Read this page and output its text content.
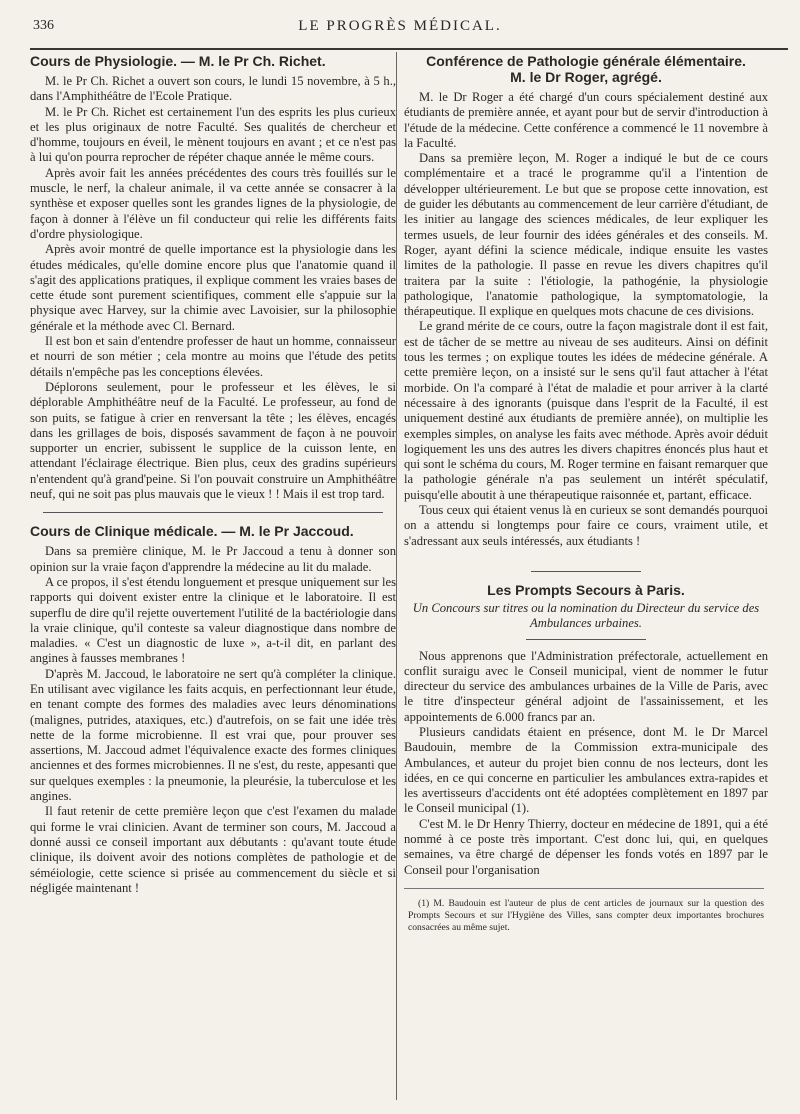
336	LE PROGRÈS MÉDICAL.
Cours de Physiologie. — M. le Pr Ch. Richet.

M. le Pr Ch. Richet a ouvert son cours, le lundi 15 novembre, à 5 h., dans l'Amphithéâtre de l'Ecole Pratique.

M. le Pr Ch. Richet est certainement l'un des esprits les plus curieux et les plus originaux de notre Faculté. Ses qualités de chercheur et d'homme, toujours en éveil, le mènent toujours en avant ; et ce n'est pas à lui qu'on pourra reprocher de répéter chaque année le même cours.

Après avoir fait les années précédentes des cours très fouillés sur le muscle, le nerf, la chaleur animale, il va cette année se consacrer à la synthèse et exposer quelles sont les grandes lignes de la physiologie, de façon à donner à l'élève un fil conducteur qui relie les différents faits d'ordre physiologique.

Après avoir montré de quelle importance est la physiologie dans les études médicales, qu'elle domine encore plus que l'anatomie quand il s'agit des applications pratiques, il explique comment les vraies bases de cette étude sont purement scientifiques, comment elle s'appuie sur la physique avec Harvey, sur la chimie avec Lavoisier, sur la philosophie générale et la méthode avec Cl. Bernard.

Il est bon et sain d'entendre professer de haut un homme, connaisseur et nourri de son métier ; cela montre au moins que l'étude des petits détails n'empêche pas les conceptions élevées.

Déplorons seulement, pour le professeur et les élèves, le si déplorable Amphithéâtre neuf de la Faculté. Le professeur, au fond de son puits, se fatigue à crier en renversant la tête ; les élèves, encagés dans les grillages de bois, disposés savamment de façon à ne pouvoir supporter un encrier, subissent le supplice de la cuisson lente, en attendant l'éclairage électrique. Bien plus, ceux des gradins supérieurs n'entendent qu'à grand'peine. Si l'on pouvait construire un Amphithéâtre neuf, qui ne soit pas plus mauvais que le vieux ! ! Mais il est trop tard.

Cours de Clinique médicale. — M. le Pr Jaccoud.

Dans sa première clinique, M. le Pr Jaccoud a tenu à donner son opinion sur la vraie façon d'apprendre la médecine au lit du malade.

A ce propos, il s'est étendu longuement et presque uniquement sur les rapports qui doivent exister entre la clinique et le laboratoire. Il est superflu de dire qu'il rejette ouvertement l'utilité de la bactériologie dans la vraie clinique, qu'il conteste sa valeur diagnostique dans nombre de maladies. « C'est un diagnostic de luxe », a-t-il dit, en parlant des angines à fausses membranes !

D'après M. Jaccoud, le laboratoire ne sert qu'à compléter la clinique. En utilisant avec vigilance les faits acquis, en perfectionnant leur étude, en tenant compte des formes des maladies avec leurs dénominations (malignes, putrides, ataxiques, etc.) d'autrefois, on se fait une idée très nette de la forme microbienne. Il est vrai que, pour prouver ses assertions, M. Jaccoud admet l'équivalence exacte des formes cliniques anciennes et des formes microbiennes. Il ne s'est, du reste, appesanti que sur quelques exemples : la pneumonie, la pleurésie, la tuberculose et les angines.

Il faut retenir de cette première leçon que c'est l'examen du malade qui forme le vrai clinicien. Avant de terminer son cours, M. Jaccoud a donné aussi ce conseil important aux débutants : qu'avant toute étude clinique, ils doivent avoir des notions complètes de pathologie et de séméiologie, cette science si prisée au commencement du siècle et si négligée maintenant !

Conférence de Pathologie générale élémentaire.
M. le Dr Roger, agrégé.

M. le Dr Roger a été chargé d'un cours spécialement destiné aux étudiants de première année, et ayant pour but de servir d'introduction à l'étude de la médecine. Cette conférence a commencé le 11 novembre à la Faculté.

Dans sa première leçon, M. Roger a indiqué le but de ce cours complémentaire et a tracé le programme qu'il a l'intention de développer ultérieurement. Le but que se propose cette innovation, est de guider les débutants au commencement de leur carrière d'étudiant, de les initier au langage des sciences médicales, de leur expliquer les termes usuels, de leur fournir des idées générales et des conseils. M. Roger, ayant défini la science médicale, indique ensuite les vastes limites de la pathologie. Il passe en revue les divers chapitres qu'il traitera par la suite : l'étiologie, la pathogénie, la physiologie pathologique, l'anatomie pathologique, la symptomatologie, la thérapeutique. Il explique en quelques mots chacune de ces divisions.

Le grand mérite de ce cours, outre la façon magistrale dont il est fait, est de tâcher de se mettre au niveau de ses auditeurs. Ainsi on définit tous les termes ; on explique toutes les idées de médecine générale. A cette première leçon, on a insisté sur le sens qu'il faut attacher à l'état morbide. On l'a comparé à l'état de maladie et pour arriver à la clarté nécessaire à des ignorants (puisque dans l'esprit de la Faculté, il est uniquement destiné aux étudiants de première année), on multiplie les exemples simples, on analyse les faits avec méthode. Après avoir déduit logiquement les uns des autres les divers chapitres énoncés plus haut et qui sont le schéma du cours, M. Roger termine en faisant remarquer que la pathologie générale n'a pas seulement un intérêt spéculatif, puisqu'elle aboutit à une thérapeutique raisonnée et, partant, efficace.

Tous ceux qui étaient venus là en curieux se sont demandés pourquoi on a attendu si longtemps pour faire ce cours, vraiment utile, et s'adressant aux seuls intéressés, aux étudiants !

Les Prompts Secours à Paris.

Un Concours sur titres ou la nomination du Directeur du service des Ambulances urbaines.

Nous apprenons que l'Administration préfectorale, actuellement en conflit suraigu avec le Conseil municipal, vient de nommer le futur directeur du service des ambulances urbaines de la Ville de Paris, avec le titre d'inspecteur général adjoint de l'assainissement, et les appointements de 6.000 francs par an.

Plusieurs candidats étaient en présence, dont M. le Dr Marcel Baudouin, membre de la Commission extra-municipale des Ambulances, et auteur du projet bien connu de nos lecteurs, dont les idées, en ce qui concerne en particulier les ambulances extra-rapides et les avertisseurs d'accidents ont été adoptées complètement en 1897 par le Conseil municipal (1).

C'est M. le Dr Henry Thierry, docteur en médecine de 1891, qui a été nommé à ce poste très important. C'est donc lui, qui, en quelques semaines, va être chargé de dépenser les fonds votés en 1897 par le Conseil pour l'organisation

(1) M. Baudouin est l'auteur de plus de cent articles de journaux sur la question des Prompts Secours et sur l'Hygiène des Villes, sans compter deux importantes brochures consacrées au même sujet.
